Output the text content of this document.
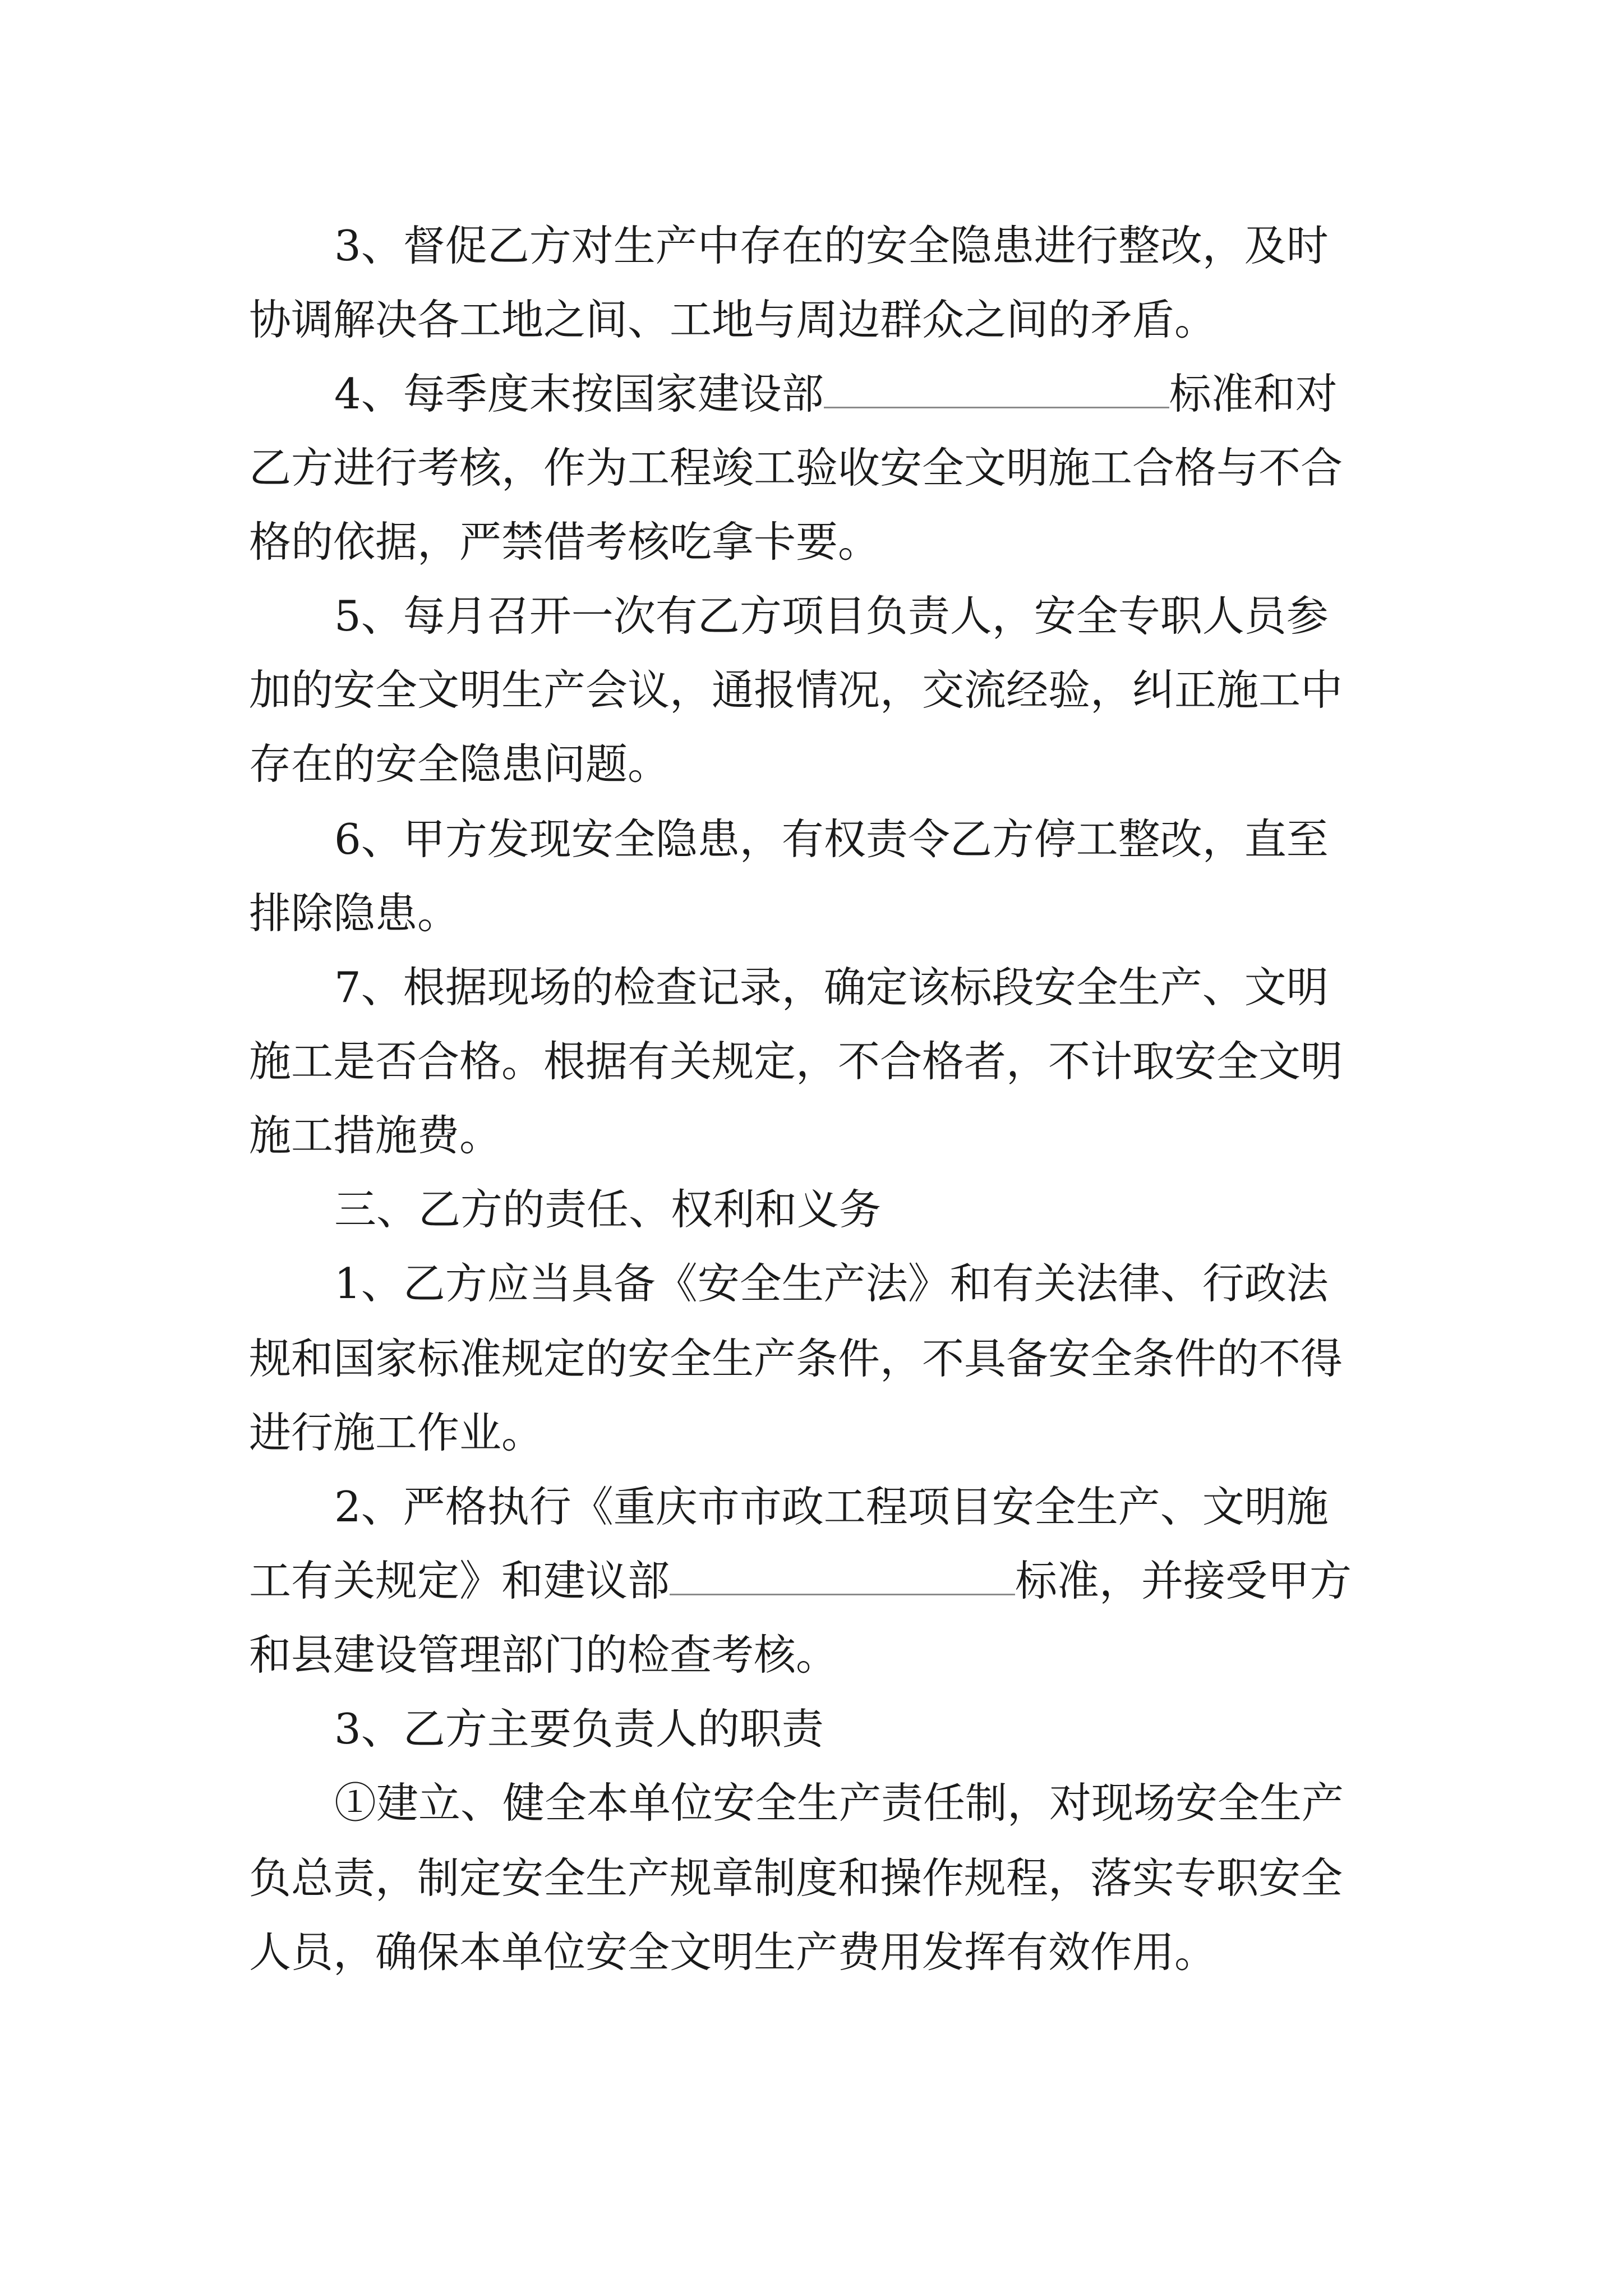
3、督促乙方对生产中存在的安全隐患进行整改，及时
协调解决各工地之间、工地与周边群众之间的矛盾。
4、每季度末按国家建设部	标准和对
乙方进行考核，作为工程竣工验收安全文明施工合格与不合
格的依据，严禁借考核吃拿卡要。
5、每月召开一次有乙方项目负责人，安全专职人员参
加的安全文明生产会议，通报情况，交流经验，纠正施工中
存在的安全隐患问题。
6、甲方发现安全隐患，有权责令乙方停工整改，直至
排除隐患。
7、根据现场的检查记录，确定该标段安全生产、文明
施工是否合格。根据有关规定，不合格者，不计取安全文明
施工措施费。
三、乙方的责任、权利和义务
1、乙方应当具备《安全生产法》和有关法律、行政法
规和国家标准规定的安全生产条件，不具备安全条件的不得
进行施工作业。
2、严格执行《重庆市市政工程项目安全生产、文明施
工有关规定》和建议部	标准，并接受甲方
和县建设管理部门的检查考核。
3、乙方主要负责人的职责
①建立、健全本单位安全生产责任制，对现场安全生产
负总责，制定安全生产规章制度和操作规程，落实专职安全
人员，确保本单位安全文明生产费用发挥有效作用。
